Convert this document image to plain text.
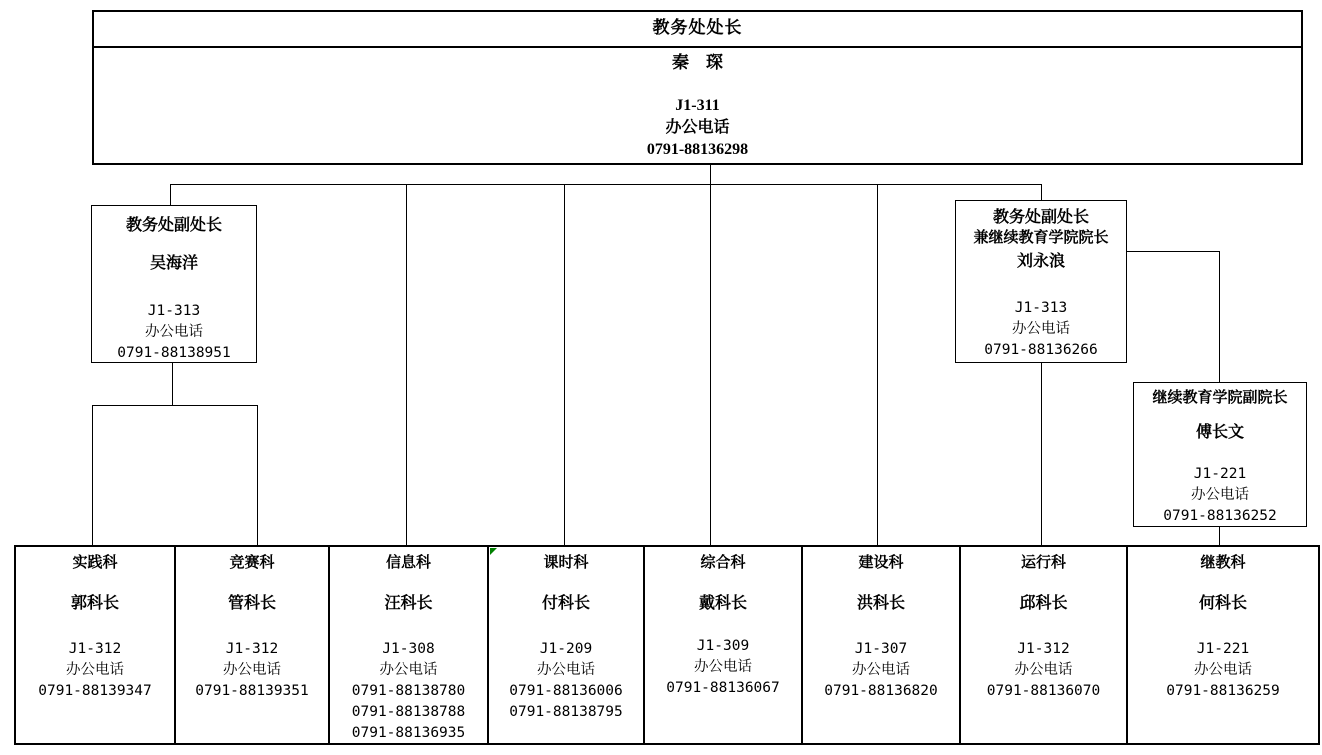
教务处处长
秦　琛
J1-311
办公电话
0791-88136298
教务处副处长
吴海洋
J1-313
办公电话
0791-88138951
教务处副处长
兼继续教育学院院长
刘永浪
J1-313
办公电话
0791-88136266
继续教育学院副院长
傅长文
J1-221
办公电话
0791-88136252
实践科
郭科长
J1-312
办公电话
0791-88139347
竞赛科
管科长
J1-312
办公电话
0791-88139351
信息科
汪科长
J1-308
办公电话
0791-88138780
0791-88138788
0791-88136935
课时科
付科长
J1-209
办公电话
0791-88136006
0791-88138795
综合科
戴科长
J1-309
办公电话
0791-88136067
建设科
洪科长
J1-307
办公电话
0791-88136820
运行科
邱科长
J1-312
办公电话
0791-88136070
继教科
何科长
J1-221
办公电话
0791-88136259
